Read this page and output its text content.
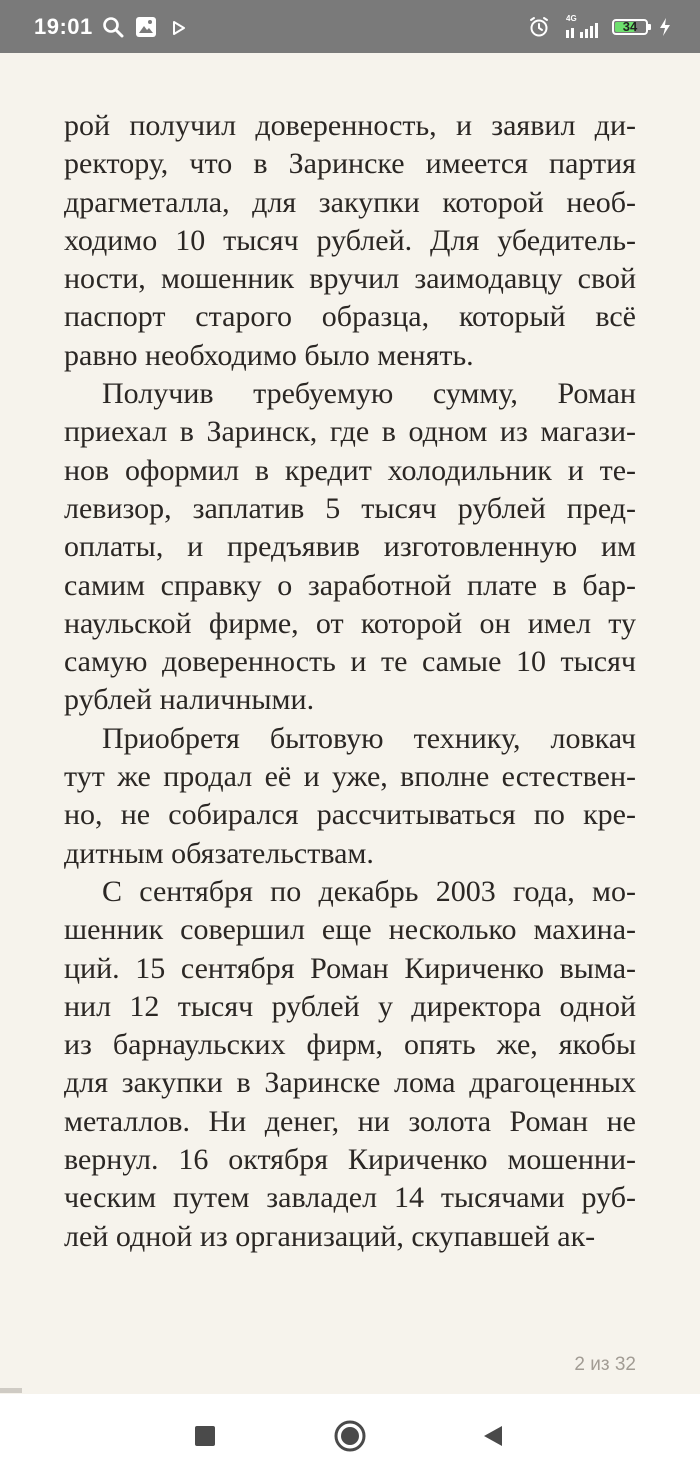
19:01	4G
34
рой получил доверенность, и заявил ди-
ректору, что в Заринске имеется партия
драгметалла, для закупки которой необ-
ходимо 10 тысяч рублей. Для убедитель-
ности, мошенник вручил заимодавцу свой
паспорт старого образца, который всё
равно необходимо было менять.
Получив требуемую сумму, Роман
приехал в Заринск, где в одном из магази-
нов оформил в кредит холодильник и те-
левизор, заплатив 5 тысяч рублей пред-
оплаты, и предъявив изготовленную им
самим справку о заработной плате в бар-
наульской фирме, от которой он имел ту
самую доверенность и те самые 10 тысяч
рублей наличными.
Приобретя бытовую технику, ловкач
тут же продал её и уже, вполне естествен-
но, не собирался рассчитываться по кре-
дитным обязательствам.
С сентября по декабрь 2003 года, мо-
шенник совершил еще несколько махина-
ций. 15 сентября Роман Кириченко выма-
нил 12 тысяч рублей у директора одной
из барнаульских фирм, опять же, якобы
для закупки в Заринске лома драгоценных
металлов. Ни денег, ни золота Роман не
вернул. 16 октября Кириченко мошенни-
ческим путем завладел 14 тысячами руб-
лей одной из организаций, скупавшей ак-
2 из 32
